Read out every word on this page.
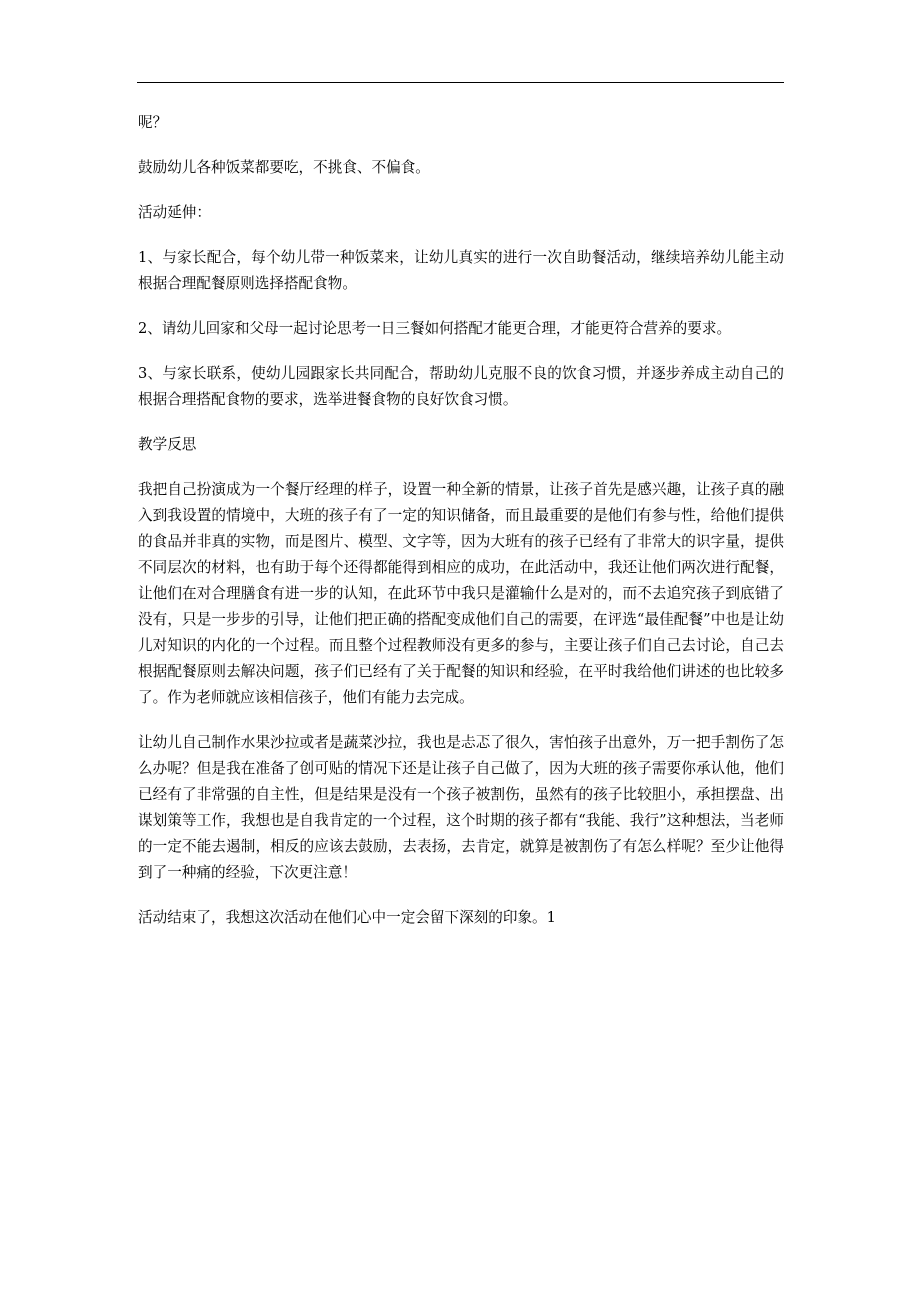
呢？

鼓励幼儿各种饭菜都要吃，不挑食、不偏食。

活动延伸：

1、与家长配合，每个幼儿带一种饭菜来，让幼儿真实的进行一次自助餐活动，继续培养幼儿能主动根据合理配餐原则选择搭配食物。

2、请幼儿回家和父母一起讨论思考一日三餐如何搭配才能更合理，才能更符合营养的要求。

3、与家长联系，使幼儿园跟家长共同配合，帮助幼儿克服不良的饮食习惯，并逐步养成主动自己的根据合理搭配食物的要求，选举进餐食物的良好饮食习惯。

教学反思

我把自己扮演成为一个餐厅经理的样子，设置一种全新的情景，让孩子首先是感兴趣，让孩子真的融入到我设置的情境中，大班的孩子有了一定的知识储备，而且最重要的是他们有参与性，给他们提供的食品并非真的实物，而是图片、模型、文字等，因为大班有的孩子已经有了非常大的识字量，提供不同层次的材料，也有助于每个还得都能得到相应的成功，在此活动中，我还让他们两次进行配餐，让他们在对合理膳食有进一步的认知，在此环节中我只是灌输什么是对的，而不去追究孩子到底错了没有，只是一步步的引导，让他们把正确的搭配变成他们自己的需要，在评选“最佳配餐”中也是让幼儿对知识的内化的一个过程。而且整个过程教师没有更多的参与，主要让孩子们自己去讨论，自己去根据配餐原则去解决问题，孩子们已经有了关于配餐的知识和经验，在平时我给他们讲述的也比较多了。作为老师就应该相信孩子，他们有能力去完成。

让幼儿自己制作水果沙拉或者是蔬菜沙拉，我也是忐忑了很久，害怕孩子出意外，万一把手割伤了怎么办呢？但是我在准备了创可贴的情况下还是让孩子自己做了，因为大班的孩子需要你承认他，他们已经有了非常强的自主性，但是结果是没有一个孩子被割伤，虽然有的孩子比较胆小，承担摆盘、出谋划策等工作，我想也是自我肯定的一个过程，这个时期的孩子都有“我能、我行”这种想法，当老师的一定不能去遏制，相反的应该去鼓励，去表扬，去肯定，就算是被割伤了有怎么样呢？至少让他得到了一种痛的经验，下次更注意！

活动结束了，我想这次活动在他们心中一定会留下深刻的印象。1
